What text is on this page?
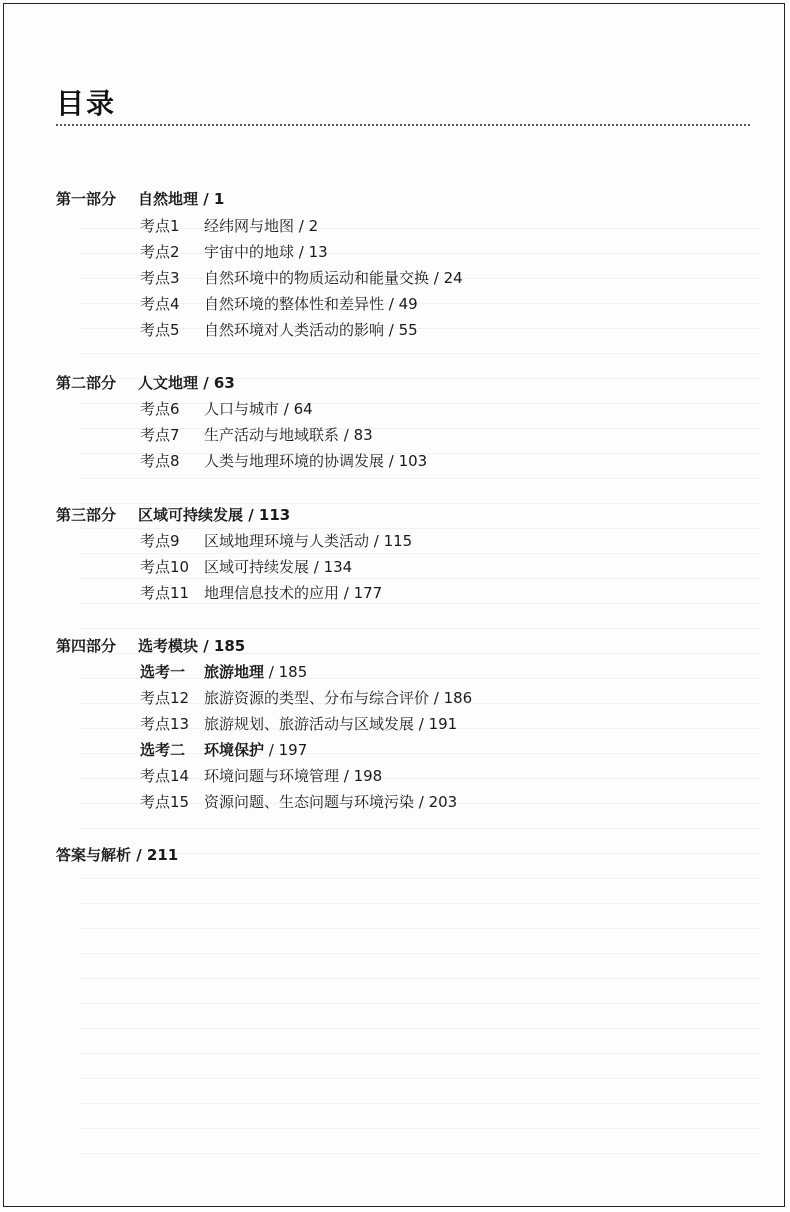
目录
第一部分 自然地理 / 1
考点1 经纬网与地图 / 2
考点2 宇宙中的地球 / 13
考点3 自然环境中的物质运动和能量交换 / 24
考点4 自然环境的整体性和差异性 / 49
考点5 自然环境对人类活动的影响 / 55
第二部分 人文地理 / 63
考点6 人口与城市 / 64
考点7 生产活动与地域联系 / 83
考点8 人类与地理环境的协调发展 / 103
第三部分 区域可持续发展 / 113
考点9 区域地理环境与人类活动 / 115
考点10 区域可持续发展 / 134
考点11 地理信息技术的应用 / 177
第四部分 选考模块 / 185
选考一 旅游地理 / 185
考点12 旅游资源的类型、分布与综合评价 / 186
考点13 旅游规划、旅游活动与区域发展 / 191
选考二 环境保护 / 197
考点14 环境问题与环境管理 / 198
考点15 资源问题、生态问题与环境污染 / 203
答案与解析 / 211
